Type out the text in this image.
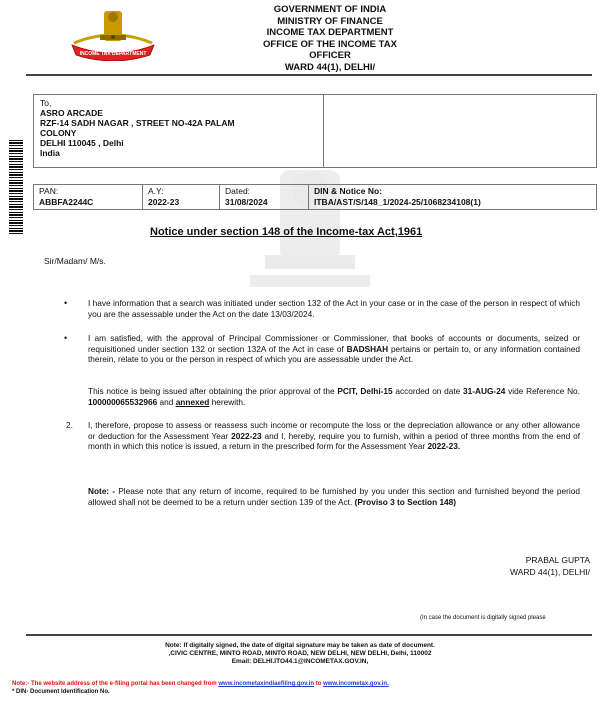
INCOME TAX DEPARTMENT
GOVERNMENT OF INDIA
MINISTRY OF FINANCE
INCOME TAX DEPARTMENT
OFFICE OF THE INCOME TAX
OFFICER
WARD 44(1), DELHI/
To,
ASRO ARCADE
RZF-14 SADH NAGAR , STREET NO-42A PALAM
COLONY
DELHI 110045 , Delhi
India
PAN:
ABBFA2244C

A.Y:
2022-23

Dated:
31/08/2024

DIN & Notice No:
ITBA/AST/S/148_1/2024-25/1068234108(1)
Notice under section 148 of the Income-tax Act,1961
Sir/Madam/ M/s.
•	I have information that a search was initiated under section 132 of the Act in your case or in the case of the person in respect of which you are the assessable under the Act on the date 13/03/2024.
•	I am satisfied, with the approval of Principal Commissioner or Commissioner, that books of accounts or documents, seized or requisitioned under section 132 or section 132A of the Act in case of BADSHAH pertains or pertain to, or any information contained therein, relate to you or the person in respect of which you are assessable under the Act.
This notice is being issued after obtaining the prior approval of the PCIT, Delhi-15 accorded on date 31-AUG-24 vide Reference No. 100000065532966 and annexed herewith.
2. I, therefore, propose to assess or reassess such income or recompute the loss or the depreciation allowance or any other allowance or deduction for the Assessment Year 2022-23 and I, hereby, require you to furnish, within a period of three months from the end of month in which this notice is issued, a return in the prescribed form for the Assessment Year 2022-23.
Note: - Please note that any return of income, required to be furnished by you under this section and furnished beyond the period allowed shall not be deemed to be a return under section 139 of the Act. (Proviso 3 to Section 148)
PRABAL GUPTA
WARD 44(1), DELHI/
(In case the document is digitally signed please
Note: If digitally signed, the date of digital signature may be taken as date of document.
,CIVIC CENTRE, MINTO ROAD, MINTO ROAD, NEW DELHI, NEW DELHI, Delhi, 110002
Email: DELHI.ITO44.1@INCOMETAX.GOV.IN,
Note:- The website address of the e-filing portal has been changed from www.incometaxindiaefiling.gov.in to www.incometax.gov.in.
* DIN- Document Identification No.
